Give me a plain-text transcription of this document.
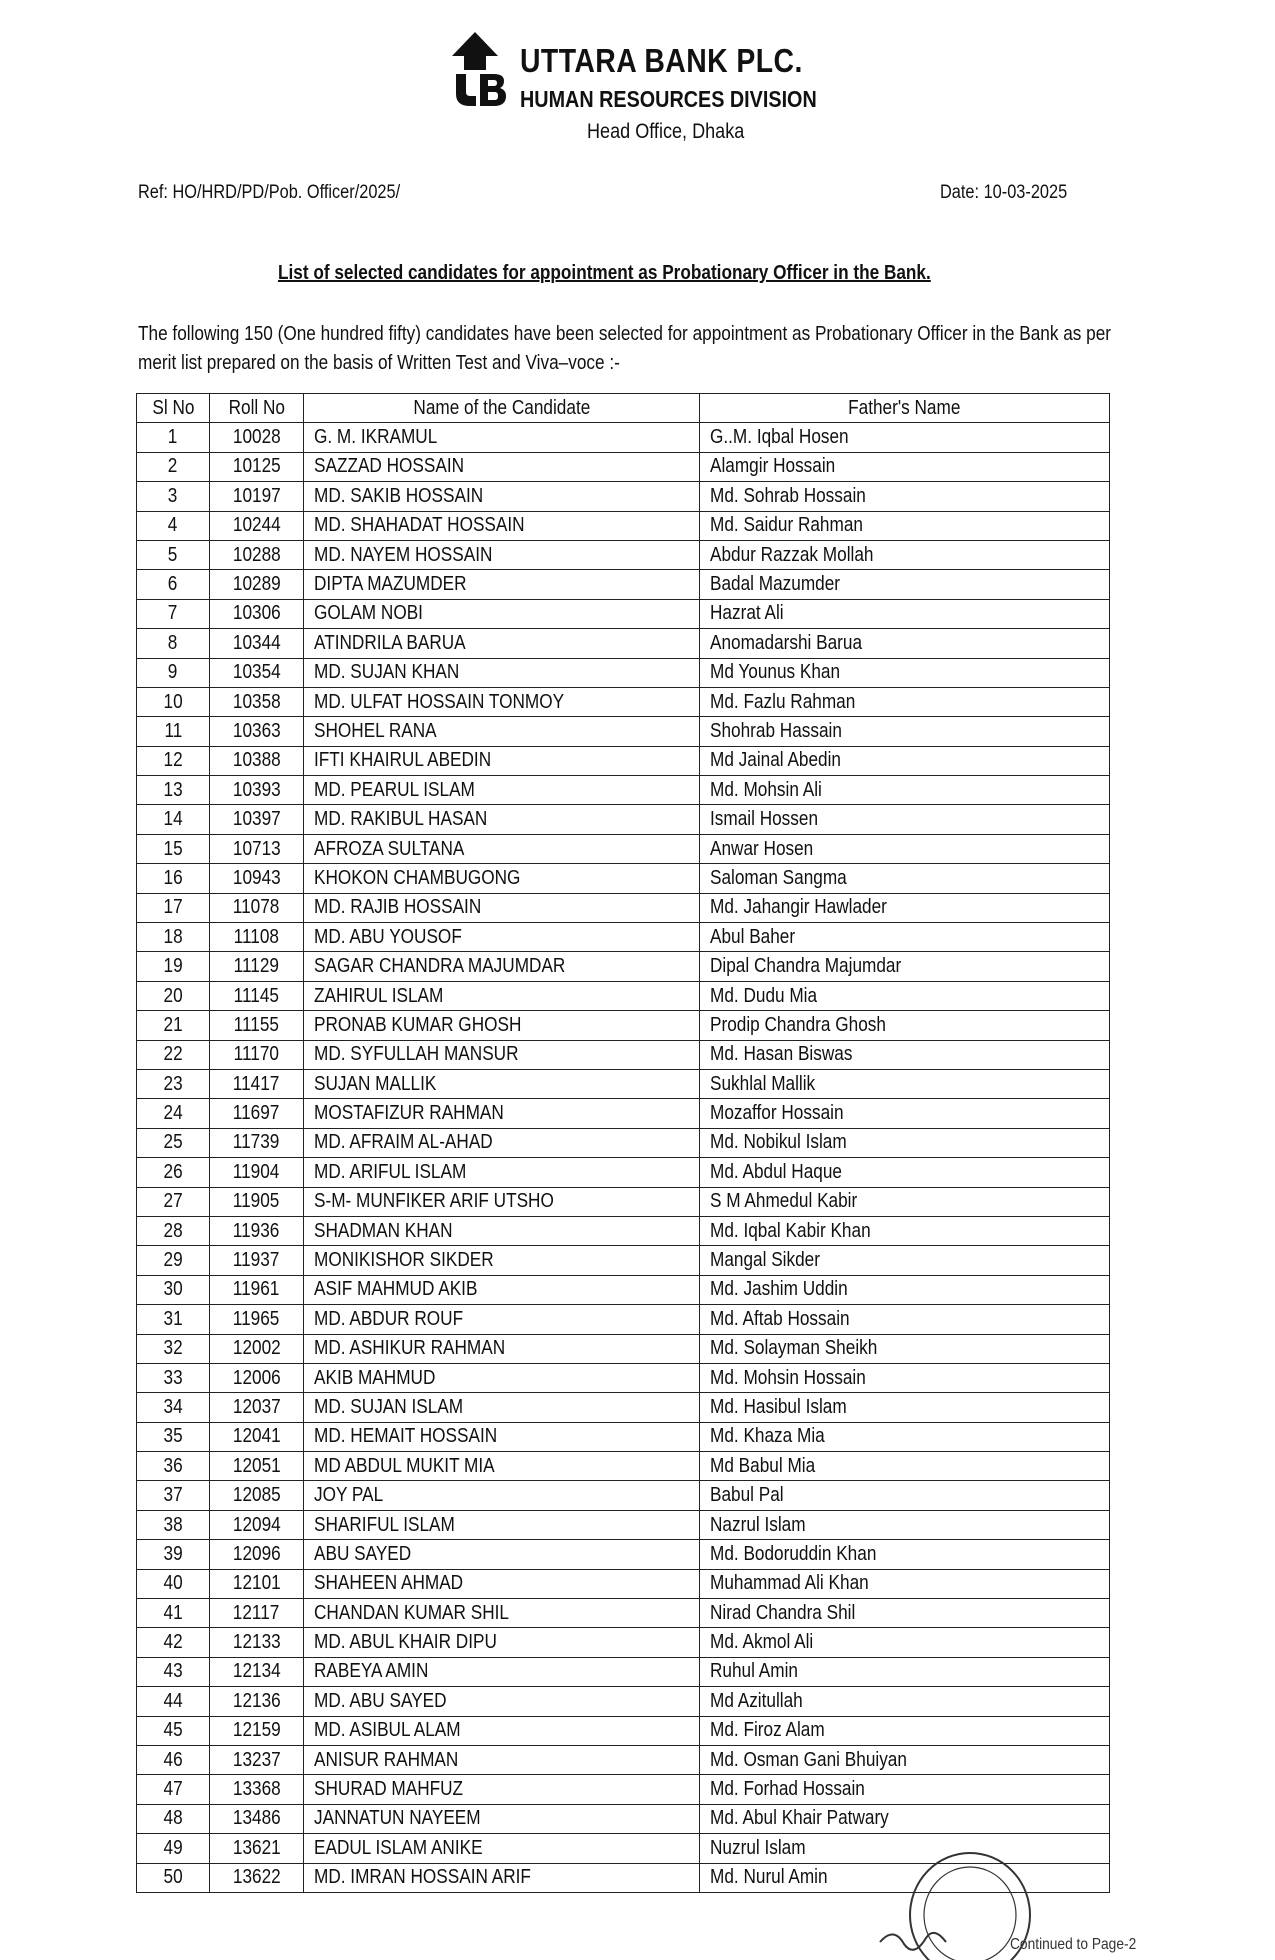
UTTARA BANK PLC.
HUMAN RESOURCES DIVISION
Head Office, Dhaka
Ref: HO/HRD/PD/Pob. Officer/2025/	Date: 10-03-2025
List of selected candidates for appointment as Probationary Officer in the Bank.
The following 150 (One hundred fifty) candidates have been selected for appointment as Probationary Officer in the Bank as per merit list prepared on the basis of Written Test and Viva–voce :-
Sl No	Roll No	Name of the Candidate	Father's Name
1	10028	G. M. IKRAMUL	G..M. Iqbal Hosen
2	10125	SAZZAD HOSSAIN	Alamgir Hossain
3	10197	MD. SAKIB HOSSAIN	Md. Sohrab Hossain
4	10244	MD. SHAHADAT HOSSAIN	Md. Saidur Rahman
5	10288	MD. NAYEM HOSSAIN	Abdur Razzak Mollah
6	10289	DIPTA MAZUMDER	Badal Mazumder
7	10306	GOLAM NOBI	Hazrat Ali
8	10344	ATINDRILA BARUA	Anomadarshi Barua
9	10354	MD. SUJAN KHAN	Md Younus Khan
10	10358	MD. ULFAT HOSSAIN TONMOY	Md. Fazlu Rahman
11	10363	SHOHEL RANA	Shohrab Hassain
12	10388	IFTI KHAIRUL ABEDIN	Md Jainal Abedin
13	10393	MD. PEARUL ISLAM	Md. Mohsin Ali
14	10397	MD. RAKIBUL HASAN	Ismail Hossen
15	10713	AFROZA SULTANA	Anwar Hosen
16	10943	KHOKON CHAMBUGONG	Saloman Sangma
17	11078	MD. RAJIB HOSSAIN	Md. Jahangir Hawlader
18	11108	MD. ABU YOUSOF	Abul Baher
19	11129	SAGAR CHANDRA MAJUMDAR	Dipal Chandra Majumdar
20	11145	ZAHIRUL ISLAM	Md. Dudu Mia
21	11155	PRONAB KUMAR GHOSH	Prodip Chandra Ghosh
22	11170	MD. SYFULLAH MANSUR	Md. Hasan Biswas
23	11417	SUJAN MALLIK	Sukhlal Mallik
24	11697	MOSTAFIZUR RAHMAN	Mozaffor Hossain
25	11739	MD. AFRAIM AL-AHAD	Md. Nobikul Islam
26	11904	MD. ARIFUL ISLAM	Md. Abdul Haque
27	11905	S-M- MUNFIKER ARIF UTSHO	S M Ahmedul Kabir
28	11936	SHADMAN KHAN	Md. Iqbal Kabir Khan
29	11937	MONIKISHOR SIKDER	Mangal Sikder
30	11961	ASIF MAHMUD AKIB	Md. Jashim Uddin
31	11965	MD. ABDUR ROUF	Md. Aftab Hossain
32	12002	MD. ASHIKUR RAHMAN	Md. Solayman Sheikh
33	12006	AKIB MAHMUD	Md. Mohsin Hossain
34	12037	MD. SUJAN ISLAM	Md. Hasibul Islam
35	12041	MD. HEMAIT HOSSAIN	Md. Khaza Mia
36	12051	MD ABDUL MUKIT MIA	Md Babul Mia
37	12085	JOY PAL	Babul Pal
38	12094	SHARIFUL ISLAM	Nazrul Islam
39	12096	ABU SAYED	Md. Bodoruddin Khan
40	12101	SHAHEEN AHMAD	Muhammad Ali Khan
41	12117	CHANDAN KUMAR SHIL	Nirad Chandra Shil
42	12133	MD. ABUL KHAIR DIPU	Md. Akmol Ali
43	12134	RABEYA AMIN	Ruhul Amin
44	12136	MD. ABU SAYED	Md Azitullah
45	12159	MD. ASIBUL ALAM	Md. Firoz Alam
46	13237	ANISUR RAHMAN	Md. Osman Gani Bhuiyan
47	13368	SHURAD MAHFUZ	Md. Forhad Hossain
48	13486	JANNATUN NAYEEM	Md. Abul Khair Patwary
49	13621	EADUL ISLAM ANIKE	Nuzrul Islam
50	13622	MD. IMRAN HOSSAIN ARIF	Md. Nurul Amin
Continued to Page-2
